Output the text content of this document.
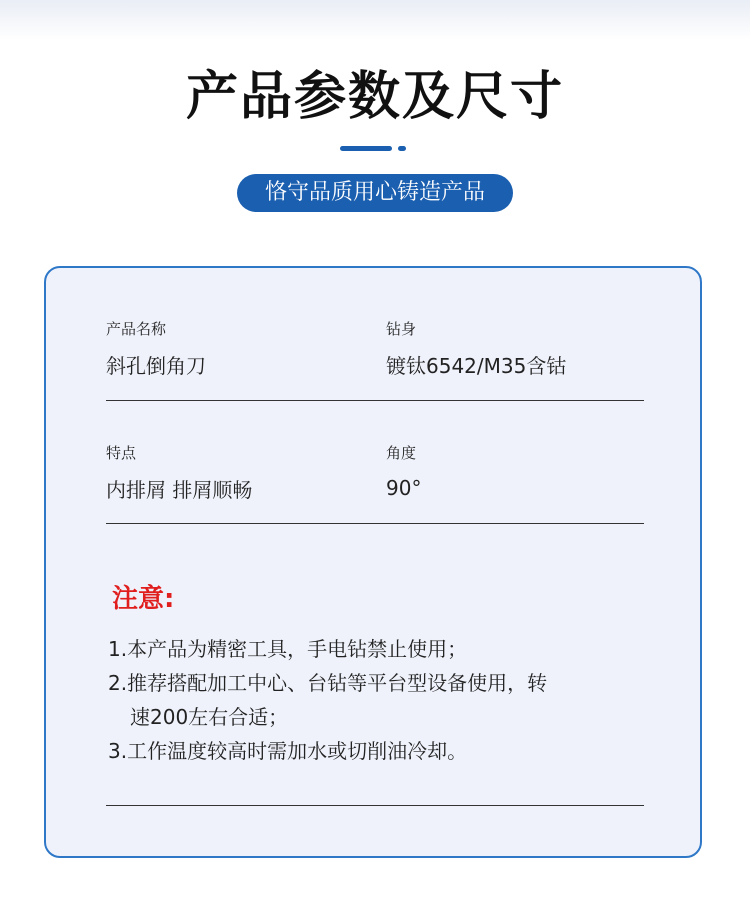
产品参数及尺寸
恪守品质用心铸造产品
产品名称
斜孔倒角刀
钻身
镀钛6542/M35含钴
特点
内排屑 排屑顺畅
角度
90°
注意:
1.本产品为精密工具，手电钻禁止使用；
2.推荐搭配加工中心、台钻等平台型设备使用，转
速200左右合适；
3.工作温度较高时需加水或切削油冷却。
